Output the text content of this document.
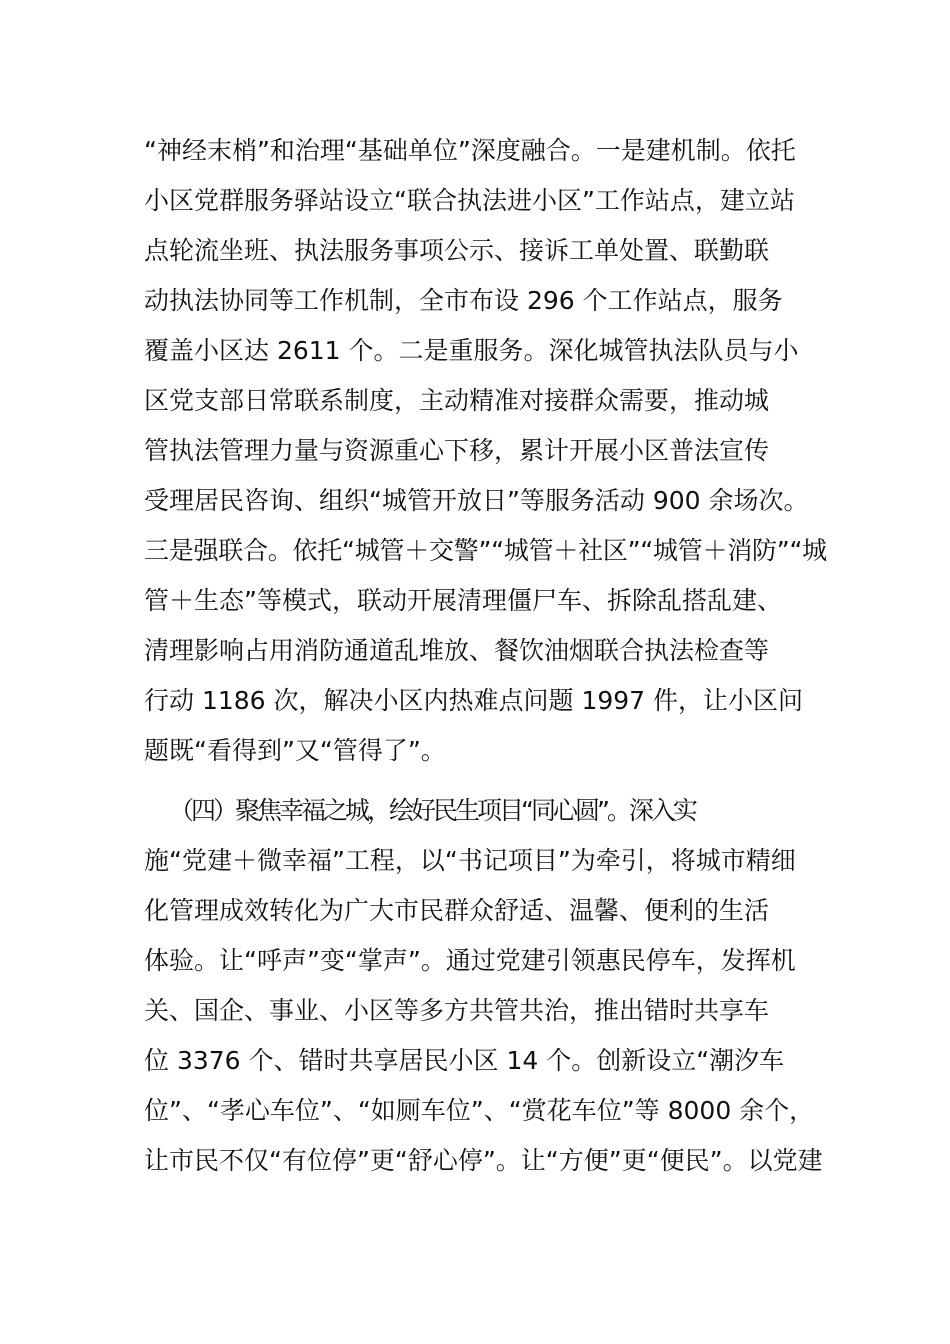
“神经末梢”和治理“基础单位”深度融合。一是建机制。依托
小区党群服务驿站设立“联合执法进小区”工作站点，建立站
点轮流坐班、执法服务事项公示、接诉工单处置、联勤联
动执法协同等工作机制，全市布设 296 个工作站点，服务
覆盖小区达 2611 个。二是重服务。深化城管执法队员与小
区党支部日常联系制度，主动精准对接群众需要，推动城
管执法管理力量与资源重心下移，累计开展小区普法宣传
受理居民咨询、组织“城管开放日”等服务活动 900 余场次。
三是强联合。依托“城管＋交警”“城管＋社区”“城管＋消防”“城
管＋生态”等模式，联动开展清理僵尸车、拆除乱搭乱建、
清理影响占用消防通道乱堆放、餐饮油烟联合执法检查等
行动 1186 次，解决小区内热难点问题 1997 件，让小区问
题既“看得到”又“管得了”。
（四）聚焦幸福之城，绘好民生项目“同心圆”。深入实
施“党建＋微幸福”工程，以“书记项目”为牵引，将城市精细
化管理成效转化为广大市民群众舒适、温馨、便利的生活
体验。让“呼声”变“掌声”。通过党建引领惠民停车，发挥机
关、国企、事业、小区等多方共管共治，推出错时共享车
位 3376 个、错时共享居民小区 14 个。创新设立“潮汐车
位”、“孝心车位”、“如厕车位”、“赏花车位”等 8000 余个，
让市民不仅“有位停”更“舒心停”。让“方便”更“便民”。以党建
